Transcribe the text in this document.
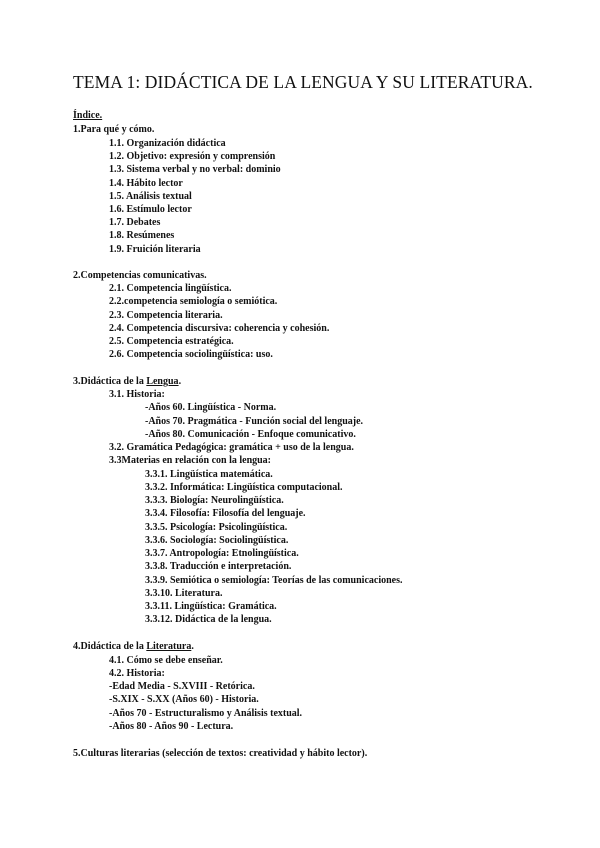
TEMA 1: DIDÁCTICA DE LA LENGUA Y SU LITERATURA.
Índice.
1.Para qué y cómo.
1.1. Organización didáctica
1.2. Objetivo: expresión y comprensión
1.3. Sistema verbal y no verbal: dominio
1.4. Hábito lector
1.5. Análisis textual
1.6. Estímulo lector
1.7. Debates
1.8. Resúmenes
1.9. Fruición literaria
2.Competencias comunicativas.
2.1. Competencia lingüística.
2.2.competencia semiología o semiótica.
2.3. Competencia literaria.
2.4. Competencia discursiva: coherencia y cohesión.
2.5. Competencia estratégica.
2.6. Competencia sociolingüística: uso.
3.Didáctica de la Lengua.
3.1. Historia:
-Años 60. Lingüística - Norma.
-Años 70. Pragmática - Función social del lenguaje.
-Años 80. Comunicación - Enfoque comunicativo.
3.2. Gramática Pedagógica: gramática + uso de la lengua.
3.3Materias en relación con la lengua:
3.3.1. Lingüística matemática.
3.3.2. Informática: Lingüística computacional.
3.3.3. Biología: Neurolingüística.
3.3.4. Filosofía: Filosofía del lenguaje.
3.3.5. Psicología: Psicolingüística.
3.3.6. Sociología: Sociolingüística.
3.3.7. Antropología: Etnolingüística.
3.3.8. Traducción e interpretación.
3.3.9. Semiótica o semiología: Teorías de las comunicaciones.
3.3.10. Literatura.
3.3.11. Lingüística: Gramática.
3.3.12. Didáctica de la lengua.
4.Didáctica de la Literatura.
4.1. Cómo se debe enseñar.
4.2. Historia:
-Edad Media - S.XVIII - Retórica.
-S.XIX - S.XX (Años 60) - Historia.
-Años 70 - Estructuralismo y Análisis textual.
-Años 80 - Años 90 - Lectura.
5.Culturas literarias (selección de textos: creatividad y hábito lector).
